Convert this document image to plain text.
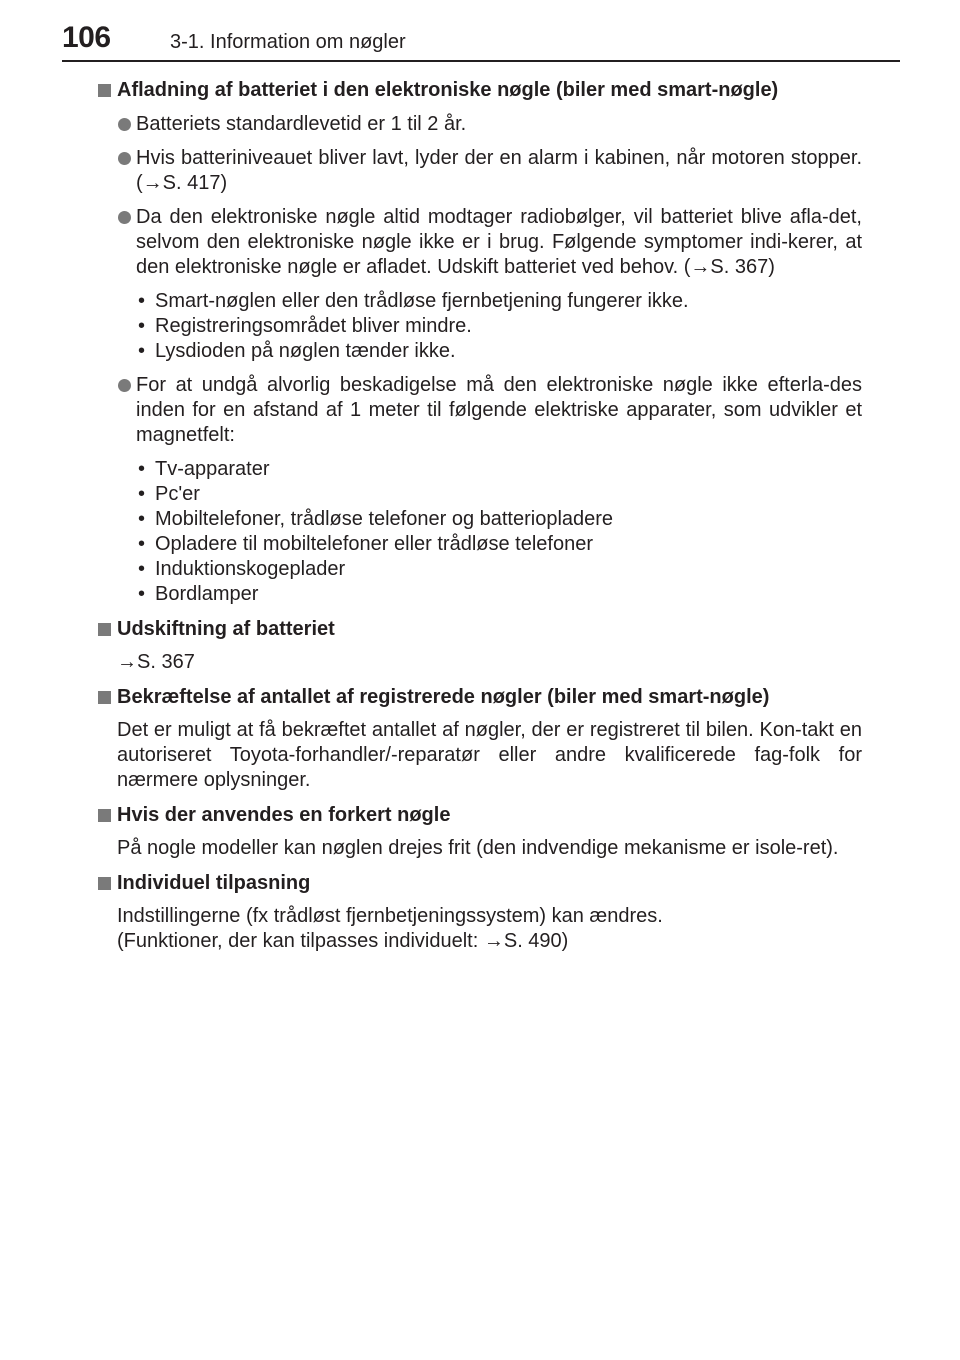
106	3-1. Information om nøgler
Afladning af batteriet i den elektroniske nøgle (biler med smart-nøgle)
Batteriets standardlevetid er 1 til 2 år.
Hvis batteriniveauet bliver lavt, lyder der en alarm i kabinen, når motoren stopper. (→S. 417)
Da den elektroniske nøgle altid modtager radiobølger, vil batteriet blive afla-det, selvom den elektroniske nøgle ikke er i brug. Følgende symptomer indi-kerer, at den elektroniske nøgle er afladet. Udskift batteriet ved behov. (→S. 367)
• Smart-nøglen eller den trådløse fjernbetjening fungerer ikke.
• Registreringsområdet bliver mindre.
• Lysdioden på nøglen tænder ikke.
For at undgå alvorlig beskadigelse må den elektroniske nøgle ikke efterla-des inden for en afstand af 1 meter til følgende elektriske apparater, som udvikler et magnetfelt:
• Tv-apparater
• Pc'er
• Mobiltelefoner, trådløse telefoner og batteriopladere
• Opladere til mobiltelefoner eller trådløse telefoner
• Induktionskogeplader
• Bordlamper
Udskiftning af batteriet
→S. 367
Bekræftelse af antallet af registrerede nøgler (biler med smart-nøgle)
Det er muligt at få bekræftet antallet af nøgler, der er registreret til bilen. Kon-takt en autoriseret Toyota-forhandler/-reparatør eller andre kvalificerede fag-folk for nærmere oplysninger.
Hvis der anvendes en forkert nøgle
På nogle modeller kan nøglen drejes frit (den indvendige mekanisme er isole-ret).
Individuel tilpasning
Indstillingerne (fx trådløst fjernbetjeningssystem) kan ændres.
(Funktioner, der kan tilpasses individuelt: →S. 490)
